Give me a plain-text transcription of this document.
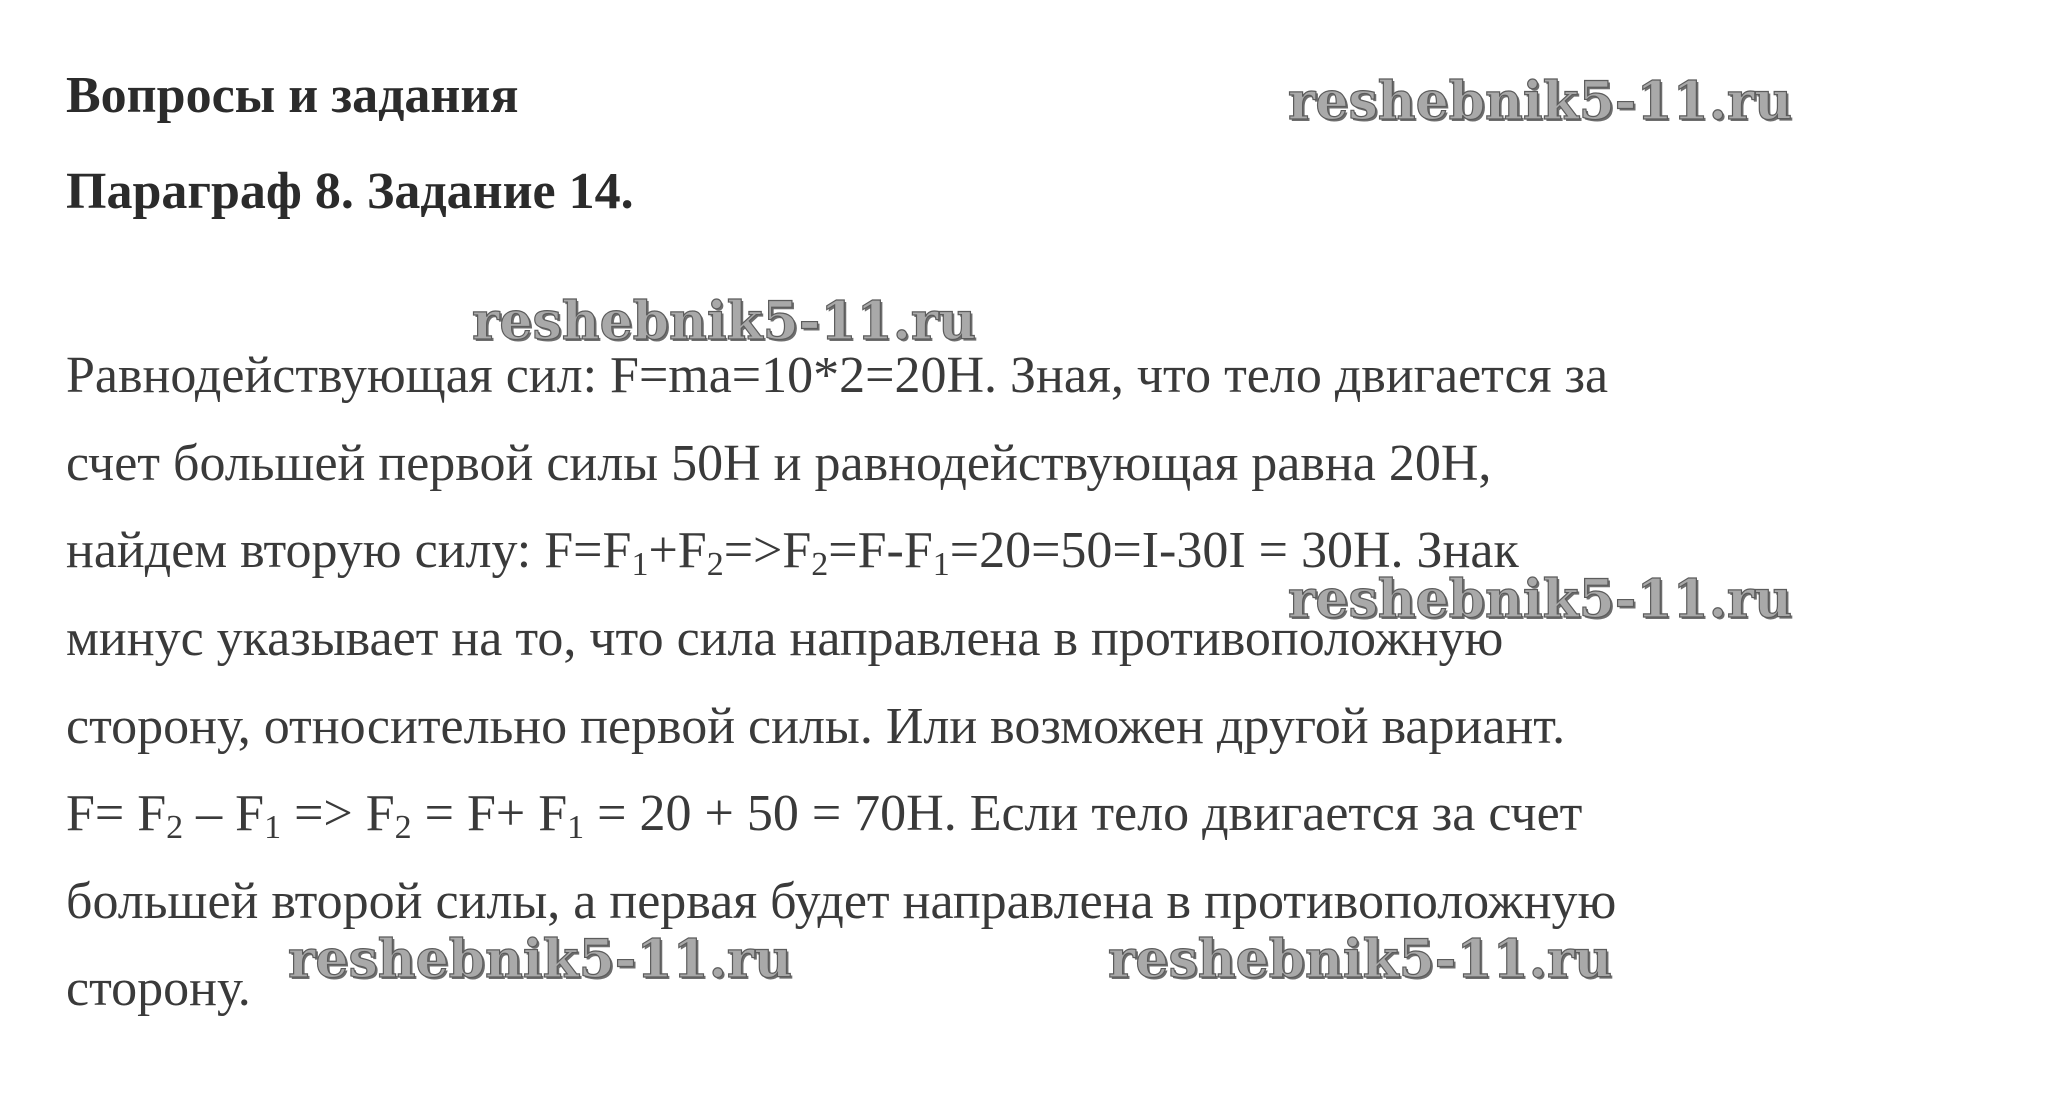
Вопросы и задания
Параграф 8. Задание 14.
Равнодействующая сил: F=ma=10*2=20Н. Зная, что тело двигается за
счет большей первой силы 50Н и равнодействующая равна 20Н,
найдем вторую силу: $F=F_1+F_2=>F_2=F-F_1=20=50=I-30I = 30Н$. Знак
минус указывает на то, что сила направлена в противоположную
сторону, относительно первой силы. Или возможен другой вариант.
$F= F_2 - F_1 => F_2 = F+ F_1 = 20 + 50 = 70Н$. Если тело двигается за счет
большей второй силы, а первая будет направлена в противоположную
сторону.
reshebnik5-11.ru
reshebnik5-11.ru
reshebnik5-11.ru
reshebnik5-11.ru	reshebnik5-11.ru
